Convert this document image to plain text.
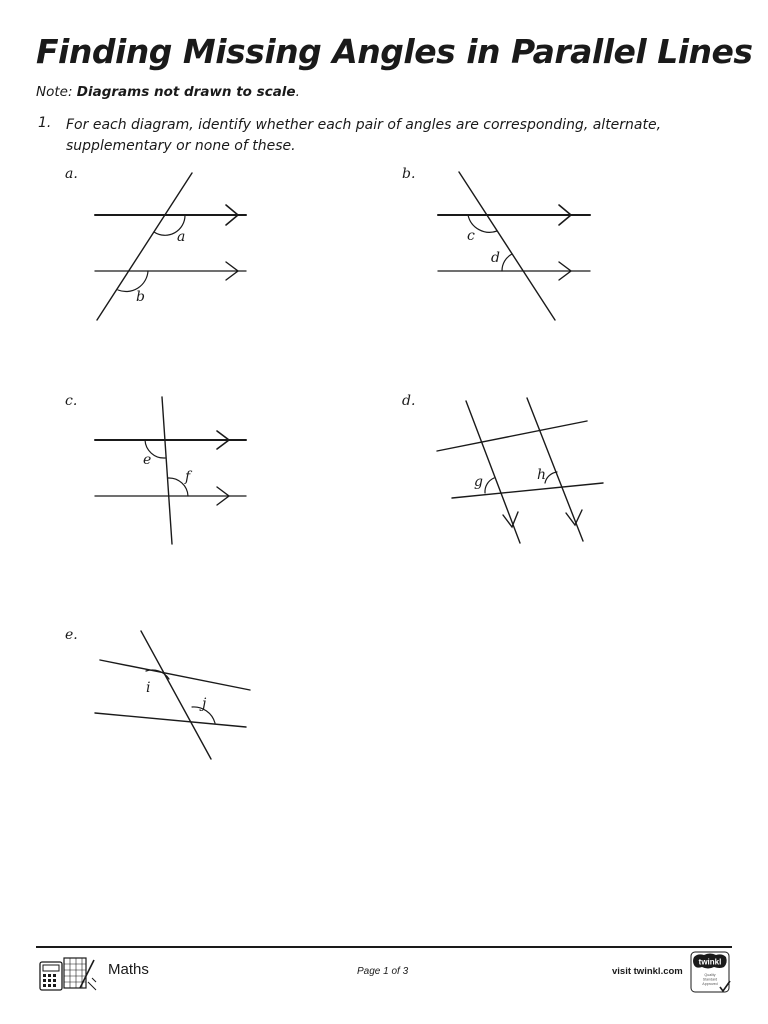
Finding Missing Angles in Parallel Lines
Note: Diagrams not drawn to scale.
1. For each diagram, identify whether each pair of angles are corresponding, alternate, supplementary or none of these.
a.	b.
c.	d.
e.
a
b
c
d
e
f	g	h
i
j
Maths	Page 1 of 3	visit twinkl.com
twinkl
Quality
Standard
Approved
